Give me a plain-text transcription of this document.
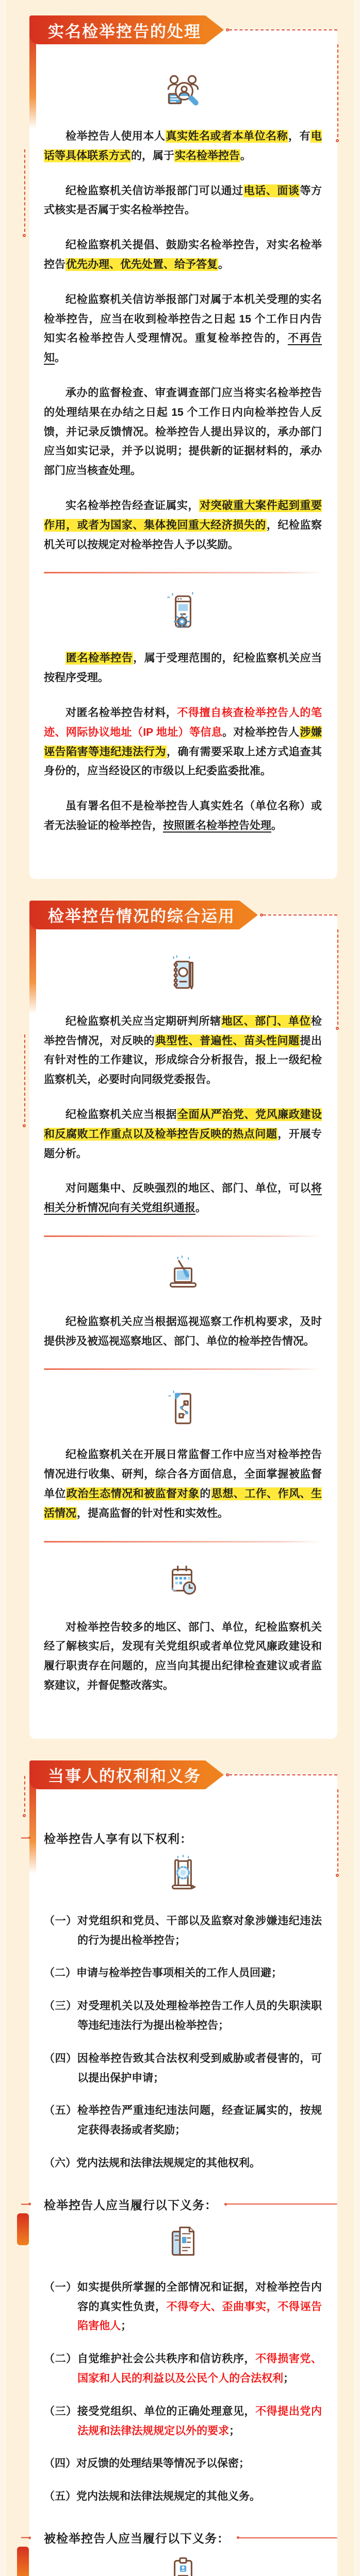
实名检举控告的处理
检举控告人使用本人真实姓名或者本单位名称，有电话等具体联系方式的，属于实名检举控告。
纪检监察机关信访举报部门可以通过电话、面谈等方式核实是否属于实名检举控告。
纪检监察机关提倡、鼓励实名检举控告，对实名检举控告优先办理、优先处置、给予答复。
纪检监察机关信访举报部门对属于本机关受理的实名检举控告，应当在收到检举控告之日起 15 个工作日内告知实名检举控告人受理情况。重复检举控告的，不再告知。
承办的监督检查、审查调查部门应当将实名检举控告的处理结果在办结之日起 15 个工作日内向检举控告人反馈，并记录反馈情况。检举控告人提出异议的，承办部门应当如实记录，并予以说明；提供新的证据材料的，承办部门应当核查处理。
实名检举控告经查证属实，对突破重大案件起到重要作用，或者为国家、集体挽回重大经济损失的，纪检监察机关可以按规定对检举控告人予以奖励。
匿名检举控告，属于受理范围的，纪检监察机关应当按程序受理。
对匿名检举控告材料，不得擅自核查检举控告人的笔迹、网际协议地址（IP 地址）等信息。对检举控告人涉嫌诬告陷害等违纪违法行为，确有需要采取上述方式追查其身份的，应当经设区的市级以上纪委监委批准。
虽有署名但不是检举控告人真实姓名（单位名称）或者无法验证的检举控告，按照匿名检举控告处理。
检举控告情况的综合运用
纪检监察机关应当定期研判所辖地区、部门、单位检举控告情况，对反映的典型性、普遍性、苗头性问题提出有针对性的工作建议，形成综合分析报告，报上一级纪检监察机关，必要时向同级党委报告。
纪检监察机关应当根据全面从严治党、党风廉政建设和反腐败工作重点以及检举控告反映的热点问题，开展专题分析。
对问题集中、反映强烈的地区、部门、单位，可以将相关分析情况向有关党组织通报。
纪检监察机关应当根据巡视巡察工作机构要求，及时提供涉及被巡视巡察地区、部门、单位的检举控告情况。
纪检监察机关在开展日常监督工作中应当对检举控告情况进行收集、研判，综合各方面信息，全面掌握被监督单位政治生态情况和被监督对象的思想、工作、作风、生活情况，提高监督的针对性和实效性。
对检举控告较多的地区、部门、单位，纪检监察机关经了解核实后，发现有关党组织或者单位党风廉政建设和履行职责存在问题的，应当向其提出纪律检查建议或者监察建议，并督促整改落实。
当事人的权利和义务
检举控告人享有以下权利：
（一）对党组织和党员、干部以及监察对象涉嫌违纪违法的行为提出检举控告；
（二）申请与检举控告事项相关的工作人员回避；
（三）对受理机关以及处理检举控告工作人员的失职渎职等违纪违法行为提出检举控告；
（四）因检举控告致其合法权利受到威胁或者侵害的，可以提出保护申请；
（五）检举控告严重违纪违法问题，经查证属实的，按规定获得表扬或者奖励；
（六）党内法规和法律法规规定的其他权利。
检举控告人应当履行以下义务：
（一）如实提供所掌握的全部情况和证据，对检举控告内容的真实性负责，不得夸大、歪曲事实，不得诬告陷害他人；
（二）自觉维护社会公共秩序和信访秩序，不得损害党、国家和人民的利益以及公民个人的合法权利；
（三）接受党组织、单位的正确处理意见，不得提出党内法规和法律法规规定以外的要求；
（四）对反馈的处理结果等情况予以保密；
（五）党内法规和法律法规规定的其他义务。
被检举控告人应当履行以下义务：
